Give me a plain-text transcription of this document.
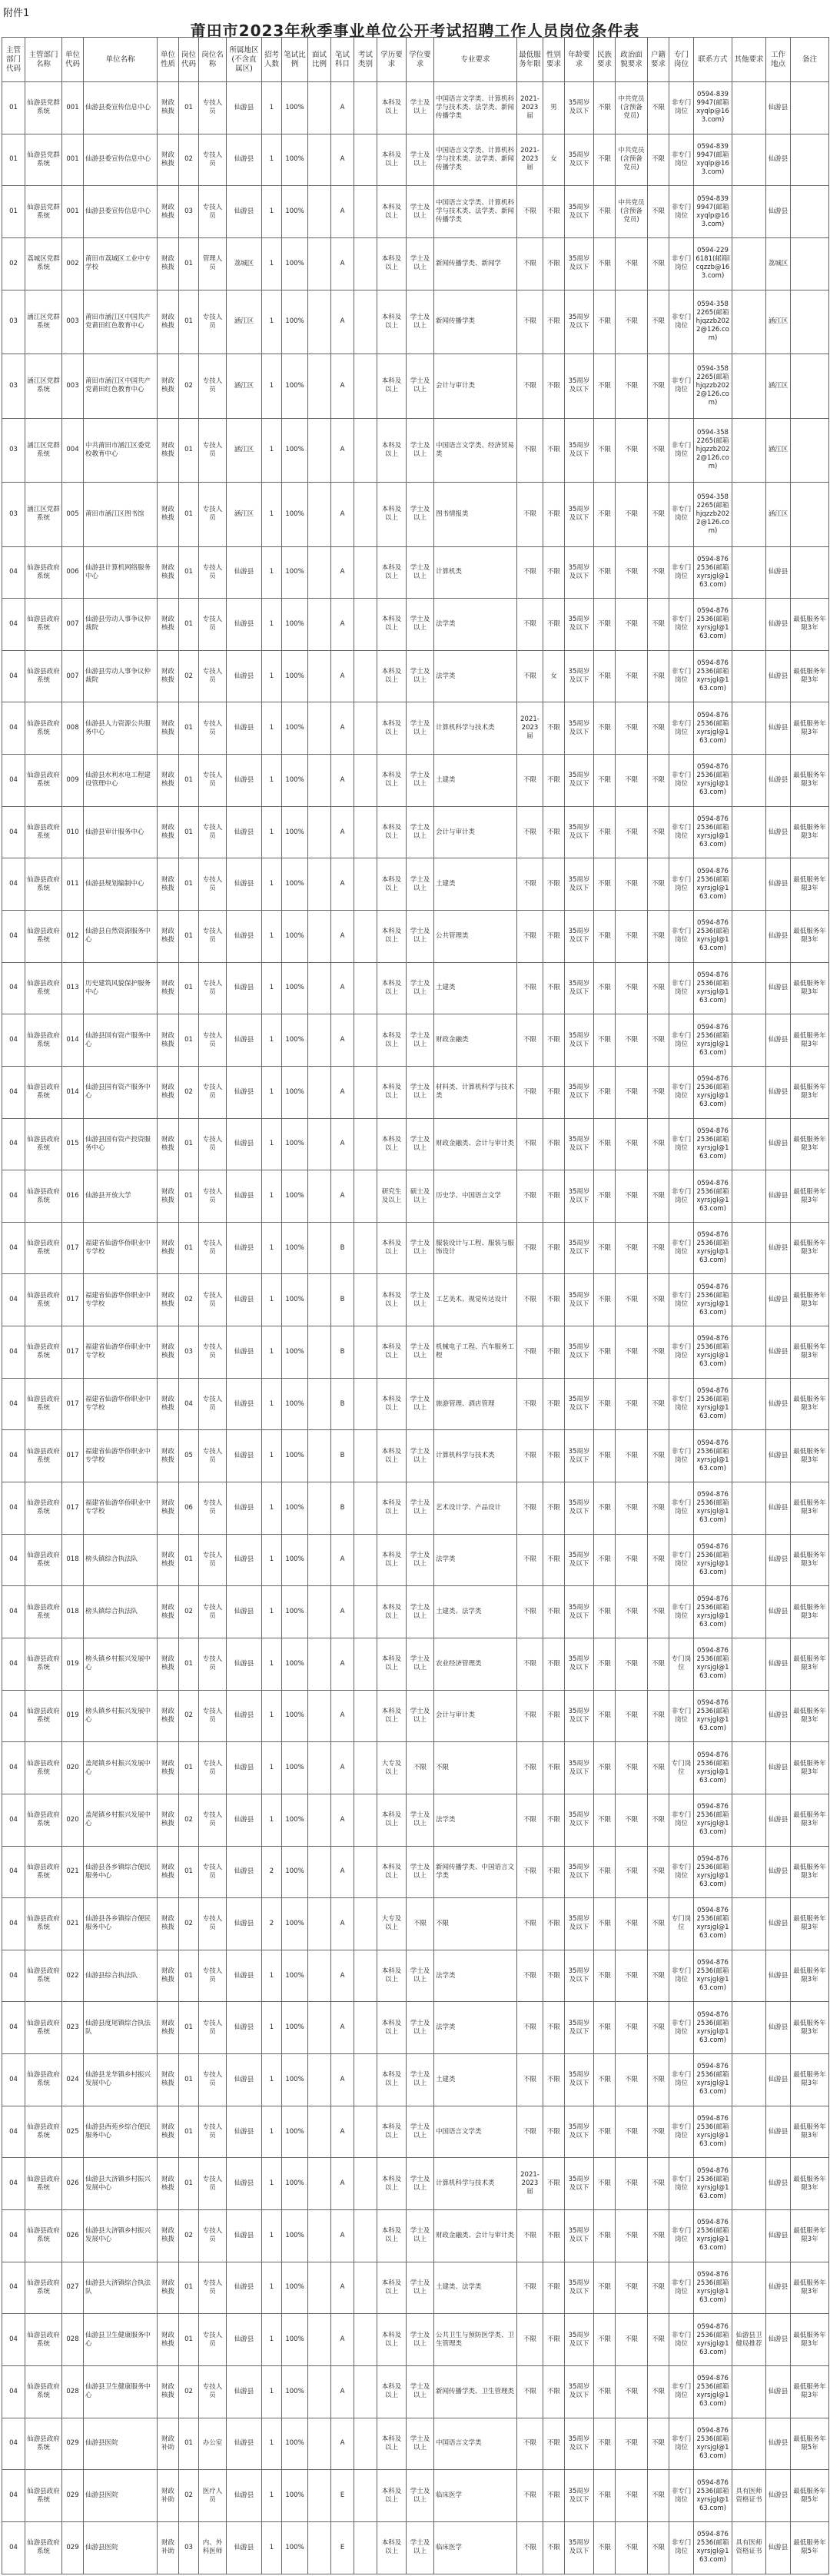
附件1
莆田市2023年秋季事业单位公开考试招聘工作人员岗位条件表
主管部门代码	主管部门名称	单位代码	单位名称	单位性质	岗位代码	岗位名称	所属地区(不含直属区)	招考人数	笔试比例	面试比例	笔试科目	考试类别	学历要求	学位要求	专业要求	最低服务年限	性别要求	年龄要求	民族要求	政治面貌要求	户籍要求	专门岗位	联系方式	其他要求	工作地点	备注
01	仙游县党群系统	001	仙游县委宣传信息中心	财政核拨	01	专技人员	仙游县	1	100%		A		本科及以上	学士及以上	中国语言文学类、计算机科学与技术类、法学类、新闻传播学类	2021-2023届	男	35周岁及以下	不限	中共党员(含预备党员)	不限	非专门岗位	0594-8399947(邮箱xyqlp@163.com)		仙游县	
01	仙游县党群系统	001	仙游县委宣传信息中心	财政核拨	02	专技人员	仙游县	1	100%		A		本科及以上	学士及以上	中国语言文学类、计算机科学与技术类、法学类、新闻传播学类	2021-2023届	女	35周岁及以下	不限	中共党员(含预备党员)	不限	非专门岗位	0594-8399947(邮箱xyqlp@163.com)		仙游县	
01	仙游县党群系统	001	仙游县委宣传信息中心	财政核拨	03	专技人员	仙游县	1	100%		A		本科及以上	学士及以上	中国语言文学类、计算机科学与技术类、法学类、新闻传播学类	不限	不限	35周岁及以下	不限	中共党员(含预备党员)	不限	非专门岗位	0594-8399947(邮箱xyqlp@163.com)		仙游县	
02	荔城区党群系统	002	莆田市荔城区工业中专学校	财政核拨	01	管理人员	荔城区	1	100%		A		本科及以上	学士及以上	新闻传播学类、新闻学	不限	不限	35周岁及以下	不限	不限	不限	非专门岗位	0594-2296181(邮箱lcqzzb@163.com)		荔城区	
03	涵江区党群系统	003	莆田市涵江区中国共产党莆田红色教育中心	财政核拨	01	专技人员	涵江区	1	100%		A		本科及以上	学士及以上	新闻传播学类	不限	不限	35周岁及以下	不限	不限	不限	非专门岗位	0594-3582265(邮箱hjqzzb2022@126.com)		涵江区	
03	涵江区党群系统	003	莆田市涵江区中国共产党莆田红色教育中心	财政核拨	02	专技人员	涵江区	1	100%		A		本科及以上	学士及以上	会计与审计类	不限	不限	35周岁及以下	不限	不限	不限	非专门岗位	0594-3582265(邮箱hjqzzb2022@126.com)		涵江区	
03	涵江区党群系统	004	中共莆田市涵江区委党校教育中心	财政核拨	01	专技人员	涵江区	1	100%		A		本科及以上	学士及以上	中国语言文学类、经济贸易类	不限	不限	35周岁及以下	不限	不限	不限	非专门岗位	0594-3582265(邮箱hjqzzb2022@126.com)		涵江区	
03	涵江区党群系统	005	莆田市涵江区图书馆	财政核拨	01	专技人员	涵江区	1	100%		A		本科及以上	学士及以上	图书情报类	不限	不限	35周岁及以下	不限	不限	不限	非专门岗位	0594-3582265(邮箱hjqzzb2022@126.com)		涵江区	
04	仙游县政府系统	006	仙游县计算机网络服务中心	财政核拨	01	专技人员	仙游县	1	100%		A		本科及以上	学士及以上	计算机类	不限	不限	35周岁及以下	不限	不限	不限	非专门岗位	0594-8762536(邮箱xyrsjgl@163.com)		仙游县	
04	仙游县政府系统	007	仙游县劳动人事争议仲裁院	财政核拨	01	专技人员	仙游县	1	100%		A		本科及以上	学士及以上	法学类	不限	不限	35周岁及以下	不限	不限	不限	非专门岗位	0594-8762536(邮箱xyrsjgl@163.com)		仙游县	最低服务年限3年
04	仙游县政府系统	007	仙游县劳动人事争议仲裁院	财政核拨	02	专技人员	仙游县	1	100%		A		本科及以上	学士及以上	法学类	不限	女	35周岁及以下	不限	不限	不限	非专门岗位	0594-8762536(邮箱xyrsjgl@163.com)		仙游县	最低服务年限3年
04	仙游县政府系统	008	仙游县人力资源公共服务中心	财政核拨	01	专技人员	仙游县	1	100%		A		本科及以上	学士及以上	计算机科学与技术类	2021-2023届	不限	35周岁及以下	不限	不限	不限	非专门岗位	0594-8762536(邮箱xyrsjgl@163.com)		仙游县	最低服务年限3年
04	仙游县政府系统	009	仙游县水利水电工程建设管理中心	财政核拨	01	专技人员	仙游县	1	100%		A		本科及以上	学士及以上	土建类	不限	不限	35周岁及以下	不限	不限	不限	非专门岗位	0594-8762536(邮箱xyrsjgl@163.com)		仙游县	最低服务年限3年
04	仙游县政府系统	010	仙游县审计服务中心	财政核拨	01	专技人员	仙游县	1	100%		A		本科及以上	学士及以上	会计与审计类	不限	不限	35周岁及以下	不限	不限	不限	非专门岗位	0594-8762536(邮箱xyrsjgl@163.com)		仙游县	最低服务年限3年
04	仙游县政府系统	011	仙游县规划编制中心	财政核拨	01	专技人员	仙游县	1	100%		A		本科及以上	学士及以上	土建类	不限	不限	35周岁及以下	不限	不限	不限	非专门岗位	0594-8762536(邮箱xyrsjgl@163.com)		仙游县	最低服务年限3年
04	仙游县政府系统	012	仙游县自然资源服务中心	财政核拨	01	专技人员	仙游县	1	100%		A		本科及以上	学士及以上	公共管理类	不限	不限	35周岁及以下	不限	不限	不限	非专门岗位	0594-8762536(邮箱xyrsjgl@163.com)		仙游县	最低服务年限3年
04	仙游县政府系统	013	历史建筑风貌保护服务中心	财政核拨	01	专技人员	仙游县	1	100%		A		本科及以上	学士及以上	土建类	不限	不限	35周岁及以下	不限	不限	不限	非专门岗位	0594-8762536(邮箱xyrsjgl@163.com)		仙游县	最低服务年限3年
04	仙游县政府系统	014	仙游县国有资产服务中心	财政核拨	01	专技人员	仙游县	1	100%		A		本科及以上	学士及以上	财政金融类	不限	不限	35周岁及以下	不限	不限	不限	非专门岗位	0594-8762536(邮箱xyrsjgl@163.com)		仙游县	最低服务年限3年
04	仙游县政府系统	014	仙游县国有资产服务中心	财政核拨	02	专技人员	仙游县	1	100%		A		本科及以上	学士及以上	材料类、计算机科学与技术类	不限	不限	35周岁及以下	不限	不限	不限	非专门岗位	0594-8762536(邮箱xyrsjgl@163.com)		仙游县	最低服务年限3年
04	仙游县政府系统	015	仙游县国有资产投资服务中心	财政核拨	01	专技人员	仙游县	1	100%		A		本科及以上	学士及以上	财政金融类、会计与审计类	不限	不限	35周岁及以下	不限	不限	不限	非专门岗位	0594-8762536(邮箱xyrsjgl@163.com)		仙游县	最低服务年限3年
04	仙游县政府系统	016	仙游县开放大学	财政核拨	01	专技人员	仙游县	1	100%		A		研究生及以上	硕士及以上	历史学、中国语言文学	不限	不限	35周岁及以下	不限	不限	不限	非专门岗位	0594-8762536(邮箱xyrsjgl@163.com)		仙游县	最低服务年限3年
04	仙游县政府系统	017	福建省仙游华侨职业中专学校	财政核拨	01	专技人员	仙游县	1	100%		B		本科及以上	学士及以上	服装设计与工程、服装与服饰设计	不限	不限	35周岁及以下	不限	不限	不限	非专门岗位	0594-8762536(邮箱xyrsjgl@163.com)		仙游县	最低服务年限3年
04	仙游县政府系统	017	福建省仙游华侨职业中专学校	财政核拨	02	专技人员	仙游县	1	100%		B		本科及以上	学士及以上	工艺美术、视觉传达设计	不限	不限	35周岁及以下	不限	不限	不限	非专门岗位	0594-8762536(邮箱xyrsjgl@163.com)		仙游县	最低服务年限3年
04	仙游县政府系统	017	福建省仙游华侨职业中专学校	财政核拨	03	专技人员	仙游县	1	100%		B		本科及以上	学士及以上	机械电子工程、汽车服务工程	不限	不限	35周岁及以下	不限	不限	不限	非专门岗位	0594-8762536(邮箱xyrsjgl@163.com)		仙游县	最低服务年限3年
04	仙游县政府系统	017	福建省仙游华侨职业中专学校	财政核拨	04	专技人员	仙游县	1	100%		B		本科及以上	学士及以上	旅游管理、酒店管理	不限	不限	35周岁及以下	不限	不限	不限	非专门岗位	0594-8762536(邮箱xyrsjgl@163.com)		仙游县	最低服务年限3年
04	仙游县政府系统	017	福建省仙游华侨职业中专学校	财政核拨	05	专技人员	仙游县	1	100%		B		本科及以上	学士及以上	计算机科学与技术类	不限	不限	35周岁及以下	不限	不限	不限	非专门岗位	0594-8762536(邮箱xyrsjgl@163.com)		仙游县	最低服务年限3年
04	仙游县政府系统	017	福建省仙游华侨职业中专学校	财政核拨	06	专技人员	仙游县	1	100%		B		本科及以上	学士及以上	艺术设计学、产品设计	不限	不限	35周岁及以下	不限	不限	不限	非专门岗位	0594-8762536(邮箱xyrsjgl@163.com)		仙游县	最低服务年限3年
04	仙游县政府系统	018	榜头镇综合执法队	财政核拨	01	专技人员	仙游县	1	100%		A		本科及以上	学士及以上	法学类	不限	不限	35周岁及以下	不限	不限	不限	非专门岗位	0594-8762536(邮箱xyrsjgl@163.com)		仙游县	最低服务年限3年
04	仙游县政府系统	018	榜头镇综合执法队	财政核拨	02	专技人员	仙游县	1	100%		A		本科及以上	学士及以上	土建类、法学类	不限	不限	35周岁及以下	不限	不限	不限	非专门岗位	0594-8762536(邮箱xyrsjgl@163.com)		仙游县	最低服务年限3年
04	仙游县政府系统	019	榜头镇乡村振兴发展中心	财政核拨	01	专技人员	仙游县	1	100%		A		本科及以上	学士及以上	农业经济管理类	不限	不限	35周岁及以下	不限	不限	不限	专门岗位	0594-8762536(邮箱xyrsjgl@163.com)		仙游县	最低服务年限3年
04	仙游县政府系统	019	榜头镇乡村振兴发展中心	财政核拨	02	专技人员	仙游县	1	100%		A		本科及以上	学士及以上	会计与审计类	不限	不限	35周岁及以下	不限	不限	不限	非专门岗位	0594-8762536(邮箱xyrsjgl@163.com)		仙游县	最低服务年限3年
04	仙游县政府系统	020	盖尾镇乡村振兴发展中心	财政核拨	01	专技人员	仙游县	1	100%		A		大专及以上	不限	不限	不限	不限	35周岁及以下	不限	不限	不限	专门岗位	0594-8762536(邮箱xyrsjgl@163.com)		仙游县	最低服务年限3年
04	仙游县政府系统	020	盖尾镇乡村振兴发展中心	财政核拨	02	专技人员	仙游县	1	100%		A		本科及以上	学士及以上	法学类	不限	不限	35周岁及以下	不限	不限	不限	非专门岗位	0594-8762536(邮箱xyrsjgl@163.com)		仙游县	最低服务年限3年
04	仙游县政府系统	021	仙游县各乡镇综合便民服务中心	财政核拨	01	专技人员	仙游县	2	100%		A		本科及以上	学士及以上	新闻传播学类、中国语言文学类	不限	不限	35周岁及以下	不限	不限	不限	非专门岗位	0594-8762536(邮箱xyrsjgl@163.com)		仙游县	最低服务年限3年
04	仙游县政府系统	021	仙游县各乡镇综合便民服务中心	财政核拨	02	专技人员	仙游县	2	100%		A		大专及以上	不限	不限	不限	不限	35周岁及以下	不限	不限	不限	专门岗位	0594-8762536(邮箱xyrsjgl@163.com)		仙游县	最低服务年限3年
04	仙游县政府系统	022	仙游县综合执法队	财政核拨	01	专技人员	仙游县	1	100%		A		本科及以上	学士及以上	法学类	不限	不限	35周岁及以下	不限	不限	不限	非专门岗位	0594-8762536(邮箱xyrsjgl@163.com)		仙游县	最低服务年限3年
04	仙游县政府系统	023	仙游县度尾镇综合执法队	财政核拨	01	专技人员	仙游县	1	100%		A		本科及以上	学士及以上	法学类	不限	不限	35周岁及以下	不限	不限	不限	非专门岗位	0594-8762536(邮箱xyrsjgl@163.com)		仙游县	最低服务年限3年
04	仙游县政府系统	024	仙游县龙华镇乡村振兴发展中心	财政核拨	01	专技人员	仙游县	1	100%		A		本科及以上	学士及以上	土建类	不限	不限	35周岁及以下	不限	不限	不限	非专门岗位	0594-8762536(邮箱xyrsjgl@163.com)		仙游县	最低服务年限3年
04	仙游县政府系统	025	仙游县西苑乡综合便民服务中心	财政核拨	01	专技人员	仙游县	1	100%		A		本科及以上	学士及以上	中国语言文学类	不限	不限	35周岁及以下	不限	不限	不限	非专门岗位	0594-8762536(邮箱xyrsjgl@163.com)		仙游县	最低服务年限3年
04	仙游县政府系统	026	仙游县大济镇乡村振兴发展中心	财政核拨	01	专技人员	仙游县	1	100%		A		本科及以上	学士及以上	计算机科学与技术类	2021-2023届	不限	35周岁及以下	不限	不限	不限	非专门岗位	0594-8762536(邮箱xyrsjgl@163.com)		仙游县	最低服务年限3年
04	仙游县政府系统	026	仙游县大济镇乡村振兴发展中心	财政核拨	02	专技人员	仙游县	1	100%		A		本科及以上	学士及以上	财政金融类、会计与审计类	不限	不限	35周岁及以下	不限	不限	不限	非专门岗位	0594-8762536(邮箱xyrsjgl@163.com)		仙游县	最低服务年限3年
04	仙游县政府系统	027	仙游县大济镇综合执法队	财政核拨	01	专技人员	仙游县	1	100%		A		本科及以上	学士及以上	土建类、法学类	不限	不限	35周岁及以下	不限	不限	不限	非专门岗位	0594-8762536(邮箱xyrsjgl@163.com)		仙游县	最低服务年限3年
04	仙游县政府系统	028	仙游县卫生健康服务中心	财政核拨	01	专技人员	仙游县	1	100%		A		本科及以上	学士及以上	公共卫生与预防医学类、卫生管理类	不限	不限	35周岁及以下	不限	不限	不限	非专门岗位	0594-8762536(邮箱xyrsjgl@163.com)	仙游县卫健局推荐	仙游县	最低服务年限3年
04	仙游县政府系统	028	仙游县卫生健康服务中心	财政核拨	02	专技人员	仙游县	1	100%		A		本科及以上	学士及以上	新闻传播学类、卫生管理类	不限	不限	35周岁及以下	不限	不限	不限	非专门岗位	0594-8762536(邮箱xyrsjgl@163.com)		仙游县	最低服务年限3年
04	仙游县政府系统	029	仙游县医院	财政补助	01	办公室	仙游县	1	100%		A		本科及以上	学士及以上	中国语言文学类	不限	不限	35周岁及以下	不限	不限	不限	非专门岗位	0594-8762536(邮箱xyrsjgl@163.com)		仙游县	最低服务年限5年
04	仙游县政府系统	029	仙游县医院	财政补助	02	医疗人员	仙游县	1	100%		E		本科及以上	学士及以上	临床医学	不限	不限	35周岁及以下	不限	不限	不限	非专门岗位	0594-8762536(邮箱xyrsjgl@163.com)	具有医师资格证书	仙游县	最低服务年限5年
04	仙游县政府系统	029	仙游县医院	财政补助	03	内、外科医师	仙游县	1	100%		E		本科及以上	学士及以上	临床医学	不限	不限	35周岁及以下	不限	不限	不限	非专门岗位	0594-8762536(邮箱xyrsjgl@163.com)	具有医师资格证书	仙游县	最低服务年限5年
